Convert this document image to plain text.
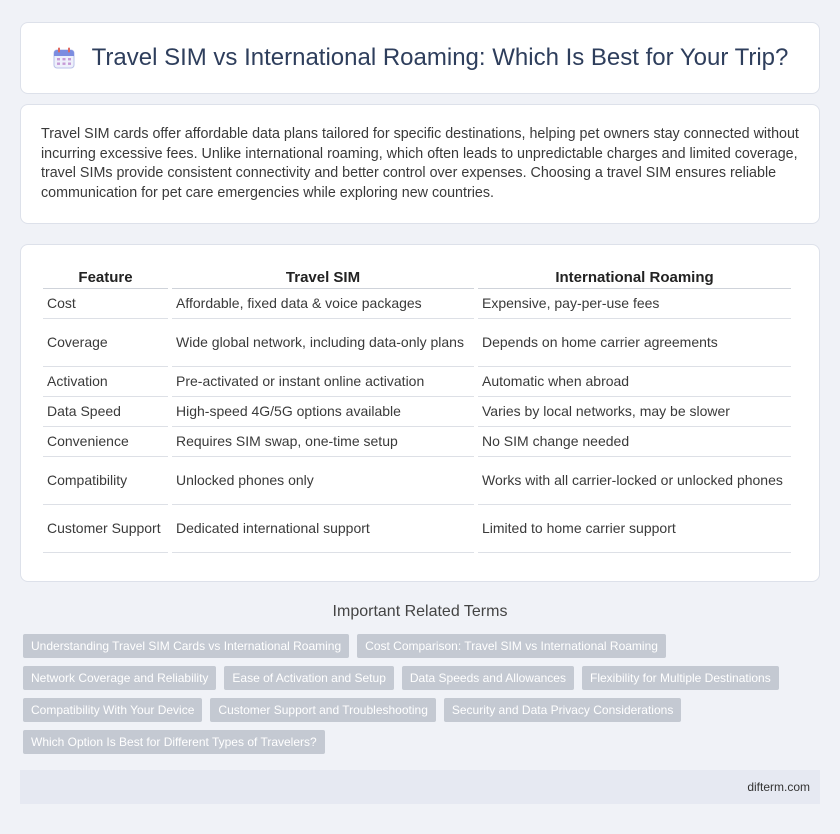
Travel SIM vs International Roaming: Which Is Best for Your Trip?

Travel SIM cards offer affordable data plans tailored for specific destinations, helping pet owners stay connected without incurring excessive fees. Unlike international roaming, which often leads to unpredictable charges and limited coverage, travel SIMs provide consistent connectivity and better control over expenses. Choosing a travel SIM ensures reliable communication for pet care emergencies while exploring new countries.

Feature	Travel SIM	International Roaming
Cost	Affordable, fixed data & voice packages	Expensive, pay-per-use fees
Coverage	Wide global network, including data-only plans	Depends on home carrier agreements
Activation	Pre-activated or instant online activation	Automatic when abroad
Data Speed	High-speed 4G/5G options available	Varies by local networks, may be slower
Convenience	Requires SIM swap, one-time setup	No SIM change needed
Compatibility	Unlocked phones only	Works with all carrier-locked or unlocked phones
Customer Support	Dedicated international support	Limited to home carrier support
Important Related Terms
Understanding Travel SIM Cards vs International Roaming	Cost Comparison: Travel SIM vs International Roaming
Network Coverage and Reliability	Ease of Activation and Setup	Data Speeds and Allowances	Flexibility for Multiple Destinations
Compatibility With Your Device	Customer Support and Troubleshooting	Security and Data Privacy Considerations
Which Option Is Best for Different Types of Travelers?
difterm.com
